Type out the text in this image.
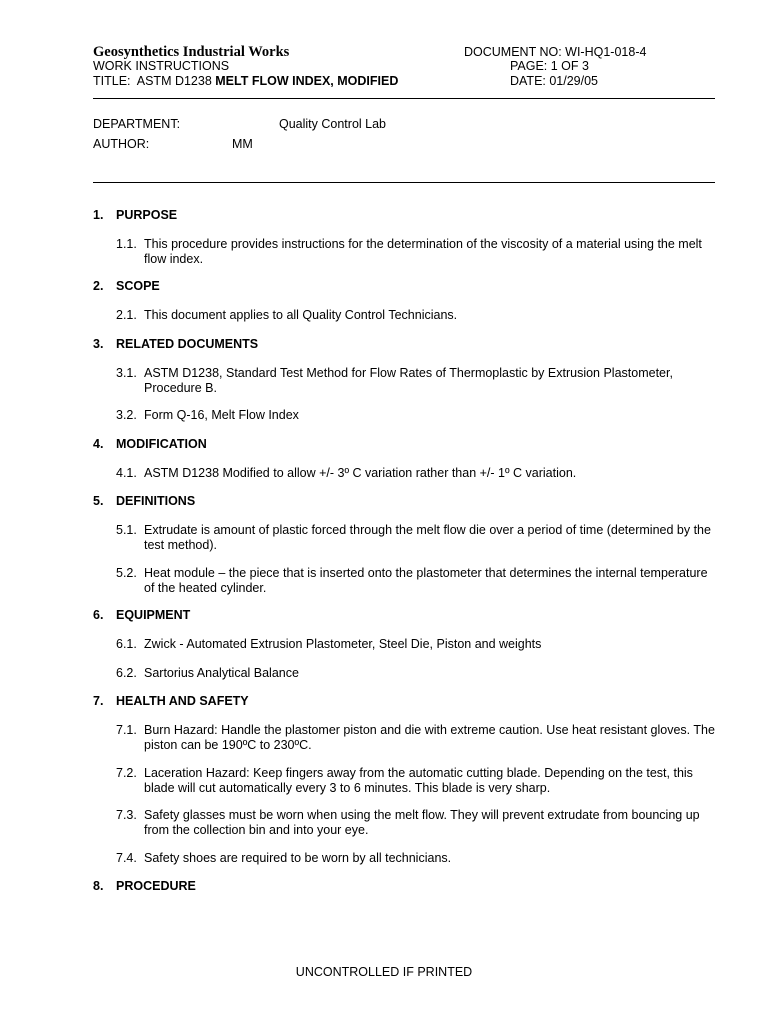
Geosynthetics Industrial Works	DOCUMENT NO: WI-HQ1-018-4
WORK INSTRUCTIONS	PAGE: 1 OF 3
TITLE:  ASTM D1238 MELT FLOW INDEX, MODIFIED	DATE: 01/29/05
DEPARTMENT:	Quality Control Lab
AUTHOR:	MM
1. PURPOSE
1.1. This procedure provides instructions for the determination of the viscosity of a material using the melt flow index.
2. SCOPE
2.1. This document applies to all Quality Control Technicians.
3. RELATED DOCUMENTS
3.1. ASTM D1238, Standard Test Method for Flow Rates of Thermoplastic by Extrusion Plastometer, Procedure B.
3.2. Form Q-16, Melt Flow Index
4. MODIFICATION
4.1. ASTM D1238 Modified to allow +/- 3º C variation rather than +/- 1º C variation.
5. DEFINITIONS
5.1. Extrudate is amount of plastic forced through the melt flow die over a period of time (determined by the test method).
5.2. Heat module – the piece that is inserted onto the plastometer that determines the internal temperature of the heated cylinder.
6. EQUIPMENT
6.1. Zwick - Automated Extrusion Plastometer, Steel Die, Piston and weights
6.2. Sartorius Analytical Balance
7. HEALTH AND SAFETY
7.1. Burn Hazard: Handle the plastomer piston and die with extreme caution. Use heat resistant gloves. The piston can be 190ºC to 230ºC.
7.2. Laceration Hazard: Keep fingers away from the automatic cutting blade. Depending on the test, this blade will cut automatically every 3 to 6 minutes. This blade is very sharp.
7.3. Safety glasses must be worn when using the melt flow. They will prevent extrudate from bouncing up from the collection bin and into your eye.
7.4. Safety shoes are required to be worn by all technicians.
8. PROCEDURE
UNCONTROLLED IF PRINTED
